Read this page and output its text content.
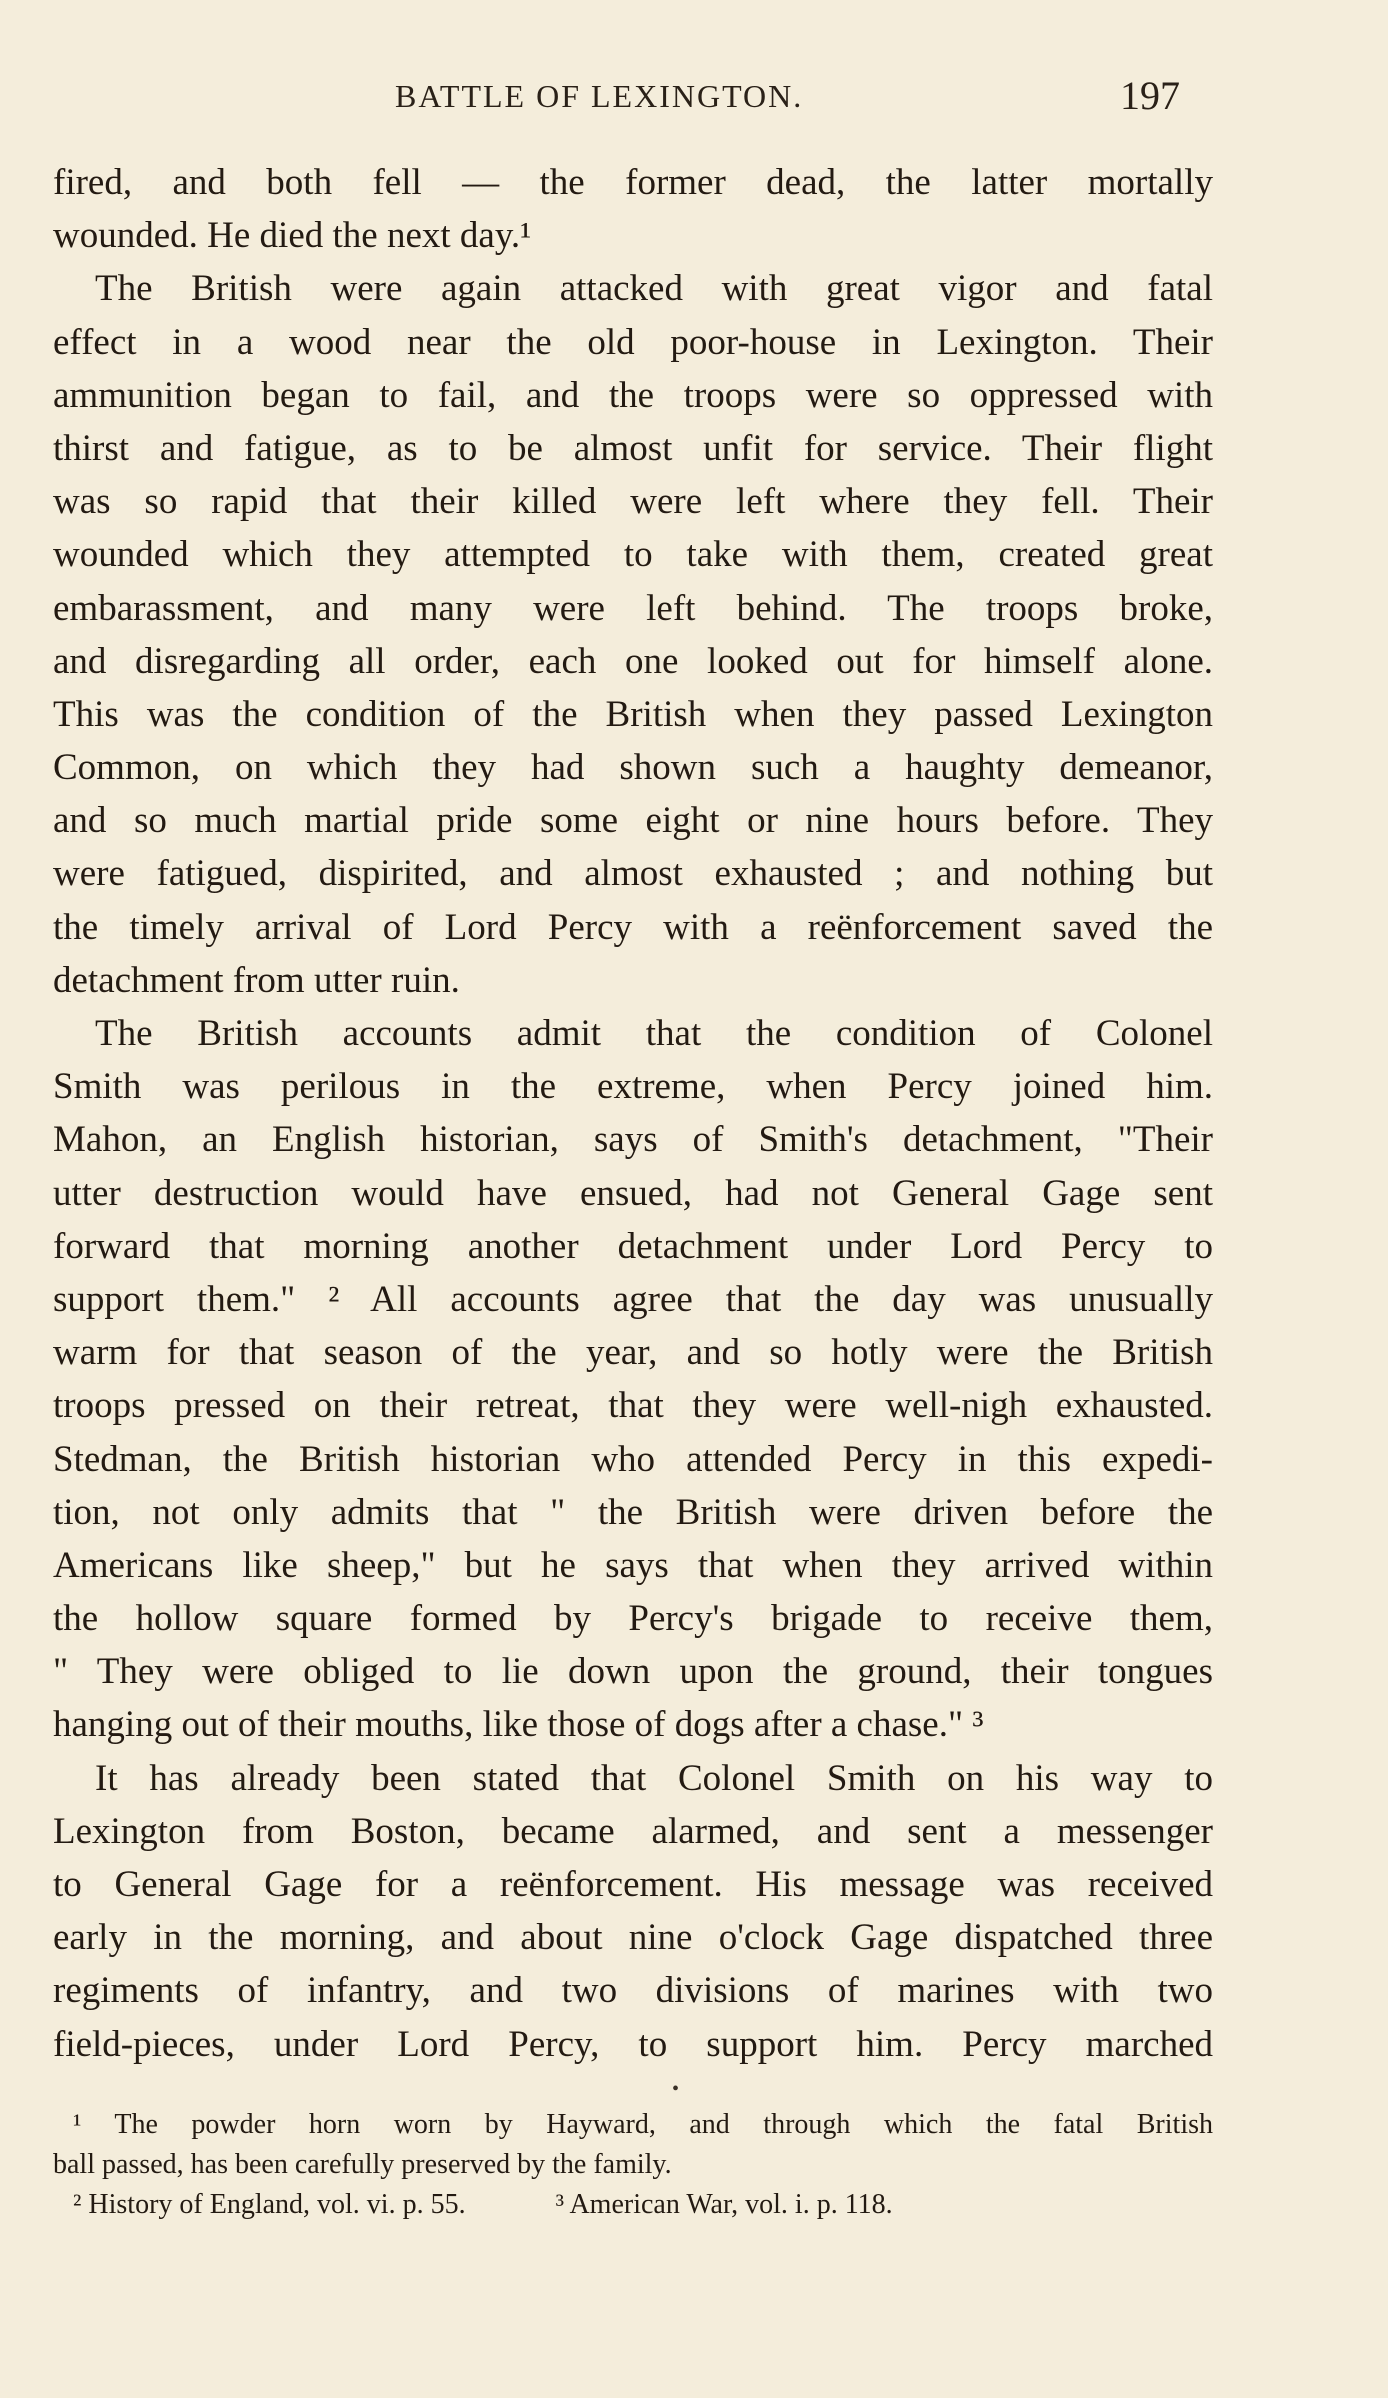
BATTLE OF LEXINGTON.	197
fired, and both fell — the former dead, the latter mortally
wounded. He died the next day.¹
The British were again attacked with great vigor and fatal
effect in a wood near the old poor-house in Lexington. Their
ammunition began to fail, and the troops were so oppressed with
thirst and fatigue, as to be almost unfit for service. Their flight
was so rapid that their killed were left where they fell. Their
wounded which they attempted to take with them, created great
embarassment, and many were left behind. The troops broke,
and disregarding all order, each one looked out for himself alone.
This was the condition of the British when they passed Lexington
Common, on which they had shown such a haughty demeanor,
and so much martial pride some eight or nine hours before. They
were fatigued, dispirited, and almost exhausted ; and nothing but
the timely arrival of Lord Percy with a reënforcement saved the
detachment from utter ruin.
The British accounts admit that the condition of Colonel
Smith was perilous in the extreme, when Percy joined him.
Mahon, an English historian, says of Smith's detachment, "Their
utter destruction would have ensued, had not General Gage sent
forward that morning another detachment under Lord Percy to
support them." ² All accounts agree that the day was unusually
warm for that season of the year, and so hotly were the British
troops pressed on their retreat, that they were well-nigh exhausted.
Stedman, the British historian who attended Percy in this expedi-
tion, not only admits that " the British were driven before the
Americans like sheep," but he says that when they arrived within
the hollow square formed by Percy's brigade to receive them,
" They were obliged to lie down upon the ground, their tongues
hanging out of their mouths, like those of dogs after a chase." ³
It has already been stated that Colonel Smith on his way to
Lexington from Boston, became alarmed, and sent a messenger
to General Gage for a reënforcement. His message was received
early in the morning, and about nine o'clock Gage dispatched three
regiments of infantry, and two divisions of marines with two
field-pieces, under Lord Percy, to support him. Percy marched
•
¹ The powder horn worn by Hayward, and through which the fatal British
ball passed, has been carefully preserved by the family.
² History of England, vol. vi. p. 55.	³ American War, vol. i. p. 118.
